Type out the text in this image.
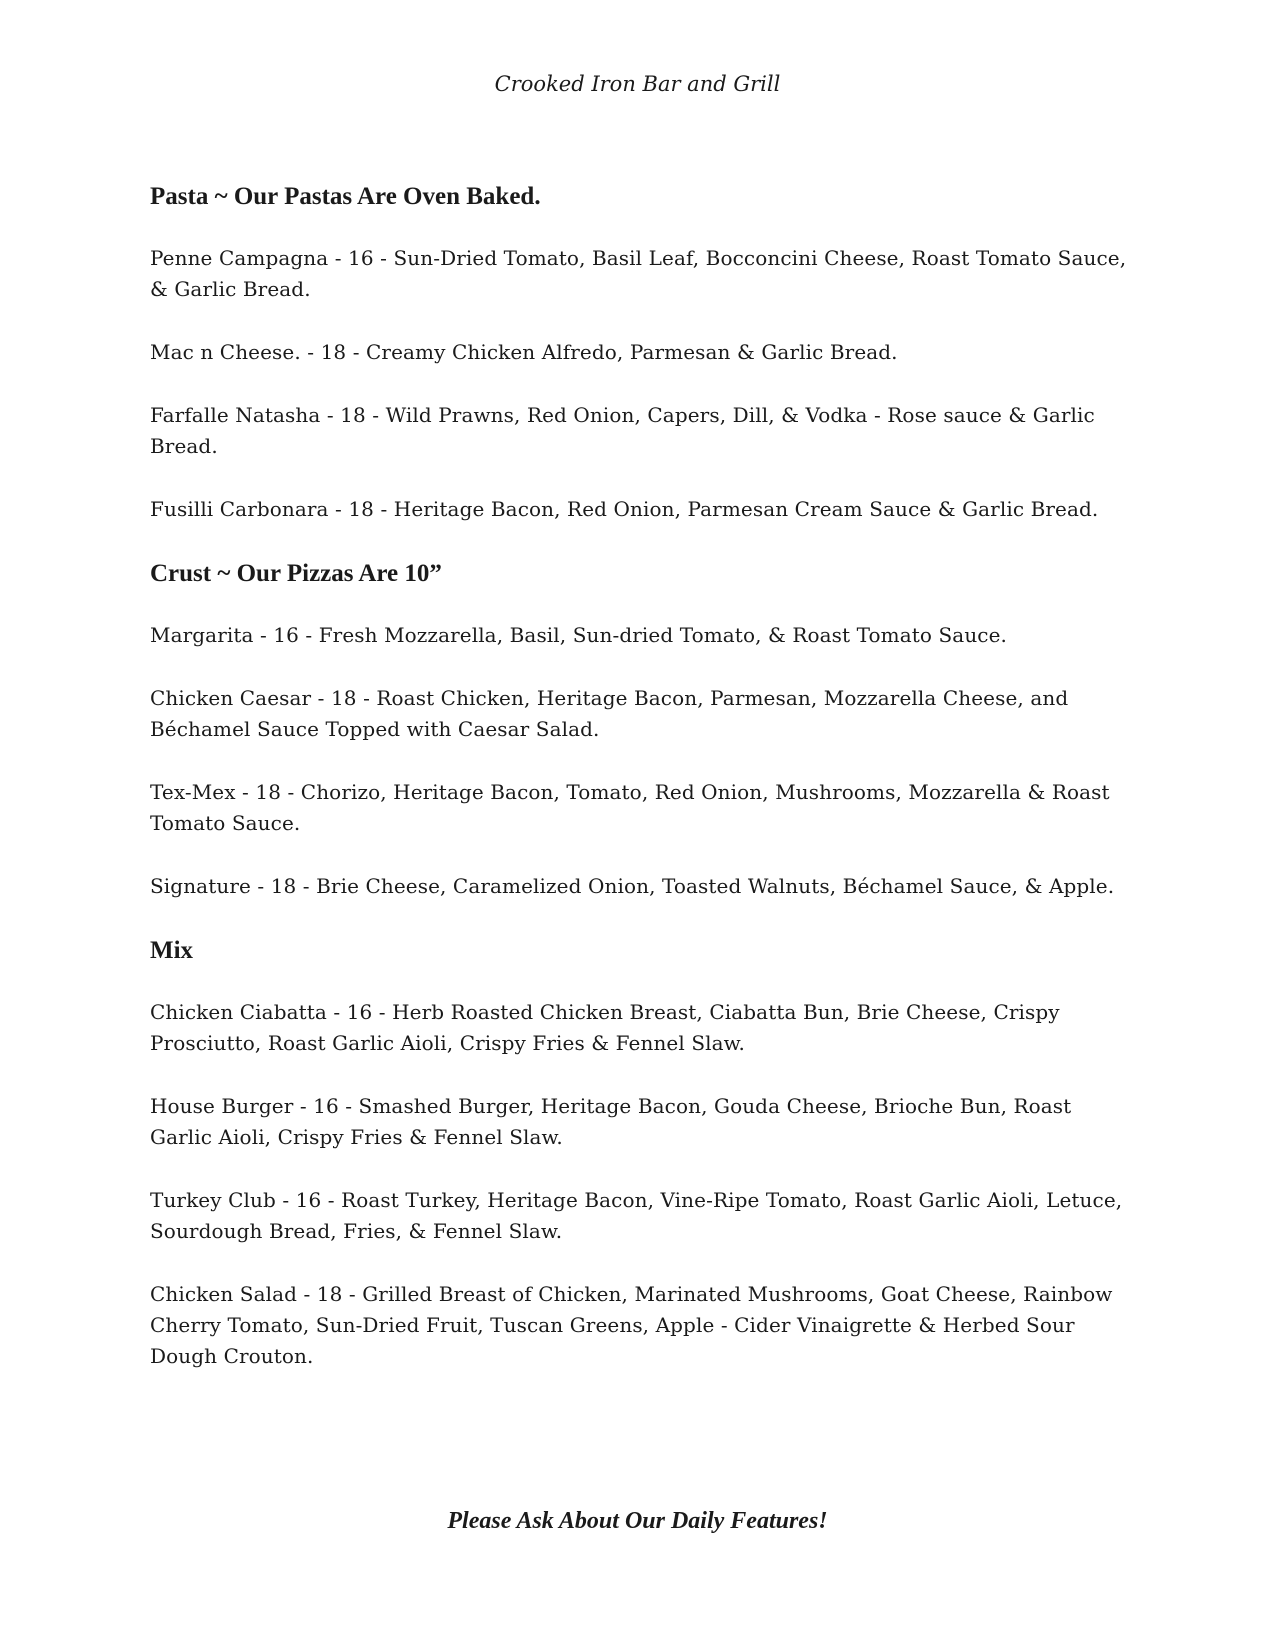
Crooked Iron Bar and Grill
Pasta ~ Our Pastas Are Oven Baked.
Penne Campagna - 16 - Sun-Dried Tomato, Basil Leaf, Bocconcini Cheese, Roast Tomato Sauce, & Garlic Bread.
Mac n Cheese. - 18 - Creamy Chicken Alfredo, Parmesan & Garlic Bread.
Farfalle Natasha - 18 - Wild Prawns, Red Onion, Capers, Dill, & Vodka - Rose sauce & Garlic Bread.
Fusilli Carbonara - 18 - Heritage Bacon, Red Onion, Parmesan Cream Sauce & Garlic Bread.
Crust ~ Our Pizzas Are 10”
Margarita - 16 - Fresh Mozzarella, Basil, Sun-dried Tomato, & Roast Tomato Sauce.
Chicken Caesar - 18 - Roast Chicken, Heritage Bacon, Parmesan, Mozzarella Cheese, and Béchamel Sauce Topped with Caesar Salad.
Tex-Mex - 18 - Chorizo, Heritage Bacon, Tomato, Red Onion, Mushrooms, Mozzarella & Roast Tomato Sauce.
Signature - 18 - Brie Cheese, Caramelized Onion, Toasted Walnuts, Béchamel Sauce, & Apple.
Mix
Chicken Ciabatta - 16 - Herb Roasted Chicken Breast, Ciabatta Bun, Brie Cheese, Crispy Prosciutto, Roast Garlic Aioli, Crispy Fries & Fennel Slaw.
House Burger - 16 - Smashed Burger, Heritage Bacon, Gouda Cheese, Brioche Bun, Roast Garlic Aioli, Crispy Fries & Fennel Slaw.
Turkey Club - 16 - Roast Turkey, Heritage Bacon, Vine-Ripe Tomato, Roast Garlic Aioli, Letuce, Sourdough Bread, Fries, & Fennel Slaw.
Chicken Salad - 18 - Grilled Breast of Chicken, Marinated Mushrooms, Goat Cheese, Rainbow Cherry Tomato, Sun-Dried Fruit, Tuscan Greens, Apple - Cider Vinaigrette & Herbed Sour Dough Crouton.
Please Ask About Our Daily Features!
